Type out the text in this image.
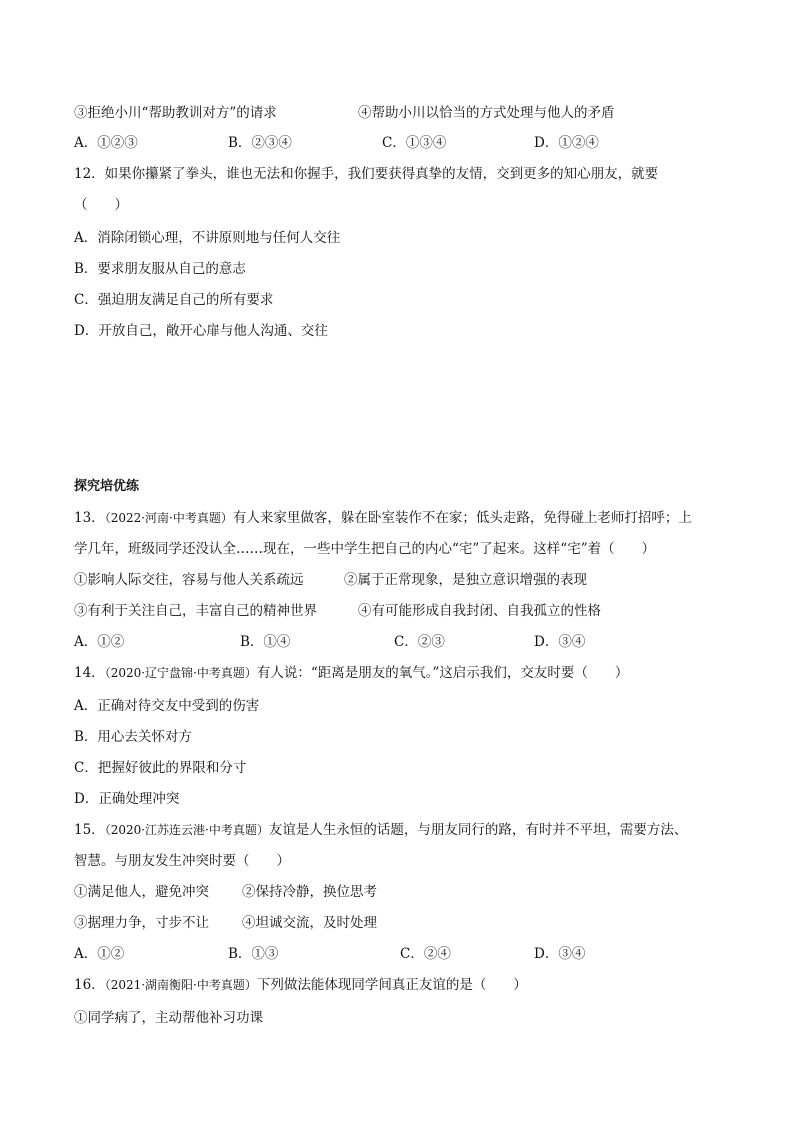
③拒绝小川“帮助教训对方”的请求	④帮助小川以恰当的方式处理与他人的矛盾
A．①②③	B．②③④	C．①③④	D．①②④
12．如果你攥紧了拳头，谁也无法和你握手，我们要获得真挚的友情，交到更多的知心朋友，就要
（　　）
A．消除闭锁心理，不讲原则地与任何人交往
B．要求朋友服从自己的意志
C．强迫朋友满足自己的所有要求
D．开放自己，敞开心扉与他人沟通、交往
探究培优练
13．（2022·河南·中考真题）有人来家里做客，躲在卧室装作不在家；低头走路，免得碰上老师打招呼；上
学几年，班级同学还没认全……现在，一些中学生把自己的内心“宅”了起来。这样“宅”着（　　）
①影响人际交往，容易与他人关系疏远	②属于正常现象，是独立意识增强的表现
③有利于关注自己，丰富自己的精神世界	④有可能形成自我封闭、自我孤立的性格
A．①②	B．①④	C．②③	D．③④
14．（2020·辽宁盘锦·中考真题）有人说：“距离是朋友的氧气。”这启示我们，交友时要（　　）
A．正确对待交友中受到的伤害
B．用心去关怀对方
C．把握好彼此的界限和分寸
D．正确处理冲突
15．（2020·江苏连云港·中考真题）友谊是人生永恒的话题，与朋友同行的路，有时并不平坦，需要方法、
智慧。与朋友发生冲突时要（　　）
①满足他人，避免冲突 ②保持冷静，换位思考
③据理力争，寸步不让 ④坦诚交流，及时处理
A．①②	B．①③	C．②④	D．③④
16．（2021·湖南衡阳·中考真题）下列做法能体现同学间真正友谊的是（　　）
①同学病了，主动帮他补习功课
